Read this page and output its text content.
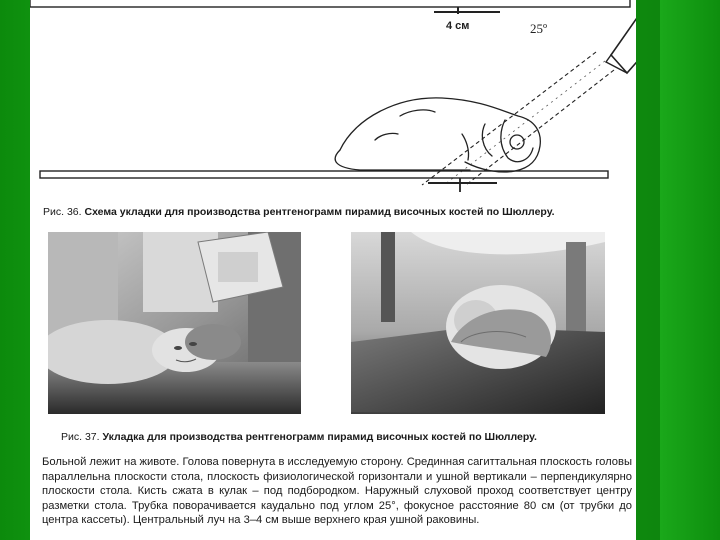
4 см	25º
Рис. 36. Схема укладки для производства рентгенограмм пирамид височных костей по Шюллеру.
Рис. 37. Укладка для производства рентгенограмм пирамид височных костей по Шюллеру.

Больной лежит на животе. Голова повернута в исследуемую сторону. Срединная сагиттальная плоскость головы параллельна плоскости стола, плоскость физиологической горизонтали и ушной вертикали – перпендикулярно плоскости стола. Кисть сжата в кулак – под подбородком. Наружный слуховой проход соответствует центру разметки стола. Трубка поворачивается каудально под углом 25°, фокусное расстояние 80 см (от трубки до центра кассеты). Центральный луч на 3–4 см выше верхнего края ушной раковины.
